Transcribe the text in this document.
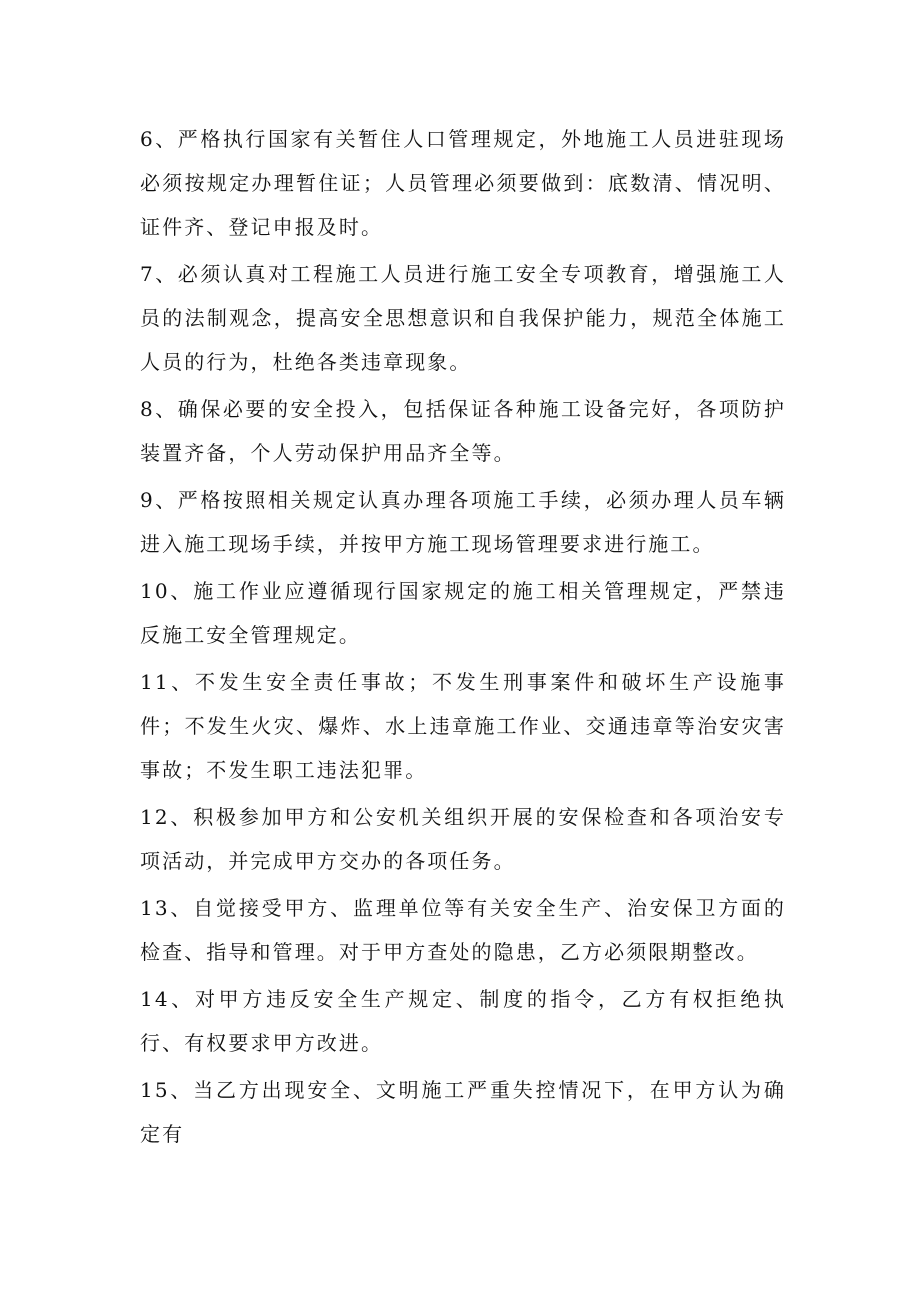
6、严格执行国家有关暂住人口管理规定，外地施工人员进驻现场必须按规定办理暂住证；人员管理必须要做到：底数清、情况明、证件齐、登记申报及时。

7、必须认真对工程施工人员进行施工安全专项教育，增强施工人员的法制观念，提高安全思想意识和自我保护能力，规范全体施工人员的行为，杜绝各类违章现象。

8、确保必要的安全投入，包括保证各种施工设备完好，各项防护装置齐备，个人劳动保护用品齐全等。

9、严格按照相关规定认真办理各项施工手续，必须办理人员车辆进入施工现场手续，并按甲方施工现场管理要求进行施工。

10、施工作业应遵循现行国家规定的施工相关管理规定，严禁违反施工安全管理规定。

11、不发生安全责任事故；不发生刑事案件和破坏生产设施事件；不发生火灾、爆炸、水上违章施工作业、交通违章等治安灾害事故；不发生职工违法犯罪。

12、积极参加甲方和公安机关组织开展的安保检查和各项治安专项活动，并完成甲方交办的各项任务。

13、自觉接受甲方、监理单位等有关安全生产、治安保卫方面的检查、指导和管理。对于甲方查处的隐患，乙方必须限期整改。

14、对甲方违反安全生产规定、制度的指令，乙方有权拒绝执行、有权要求甲方改进。

15、当乙方出现安全、文明施工严重失控情况下，在甲方认为确定有
